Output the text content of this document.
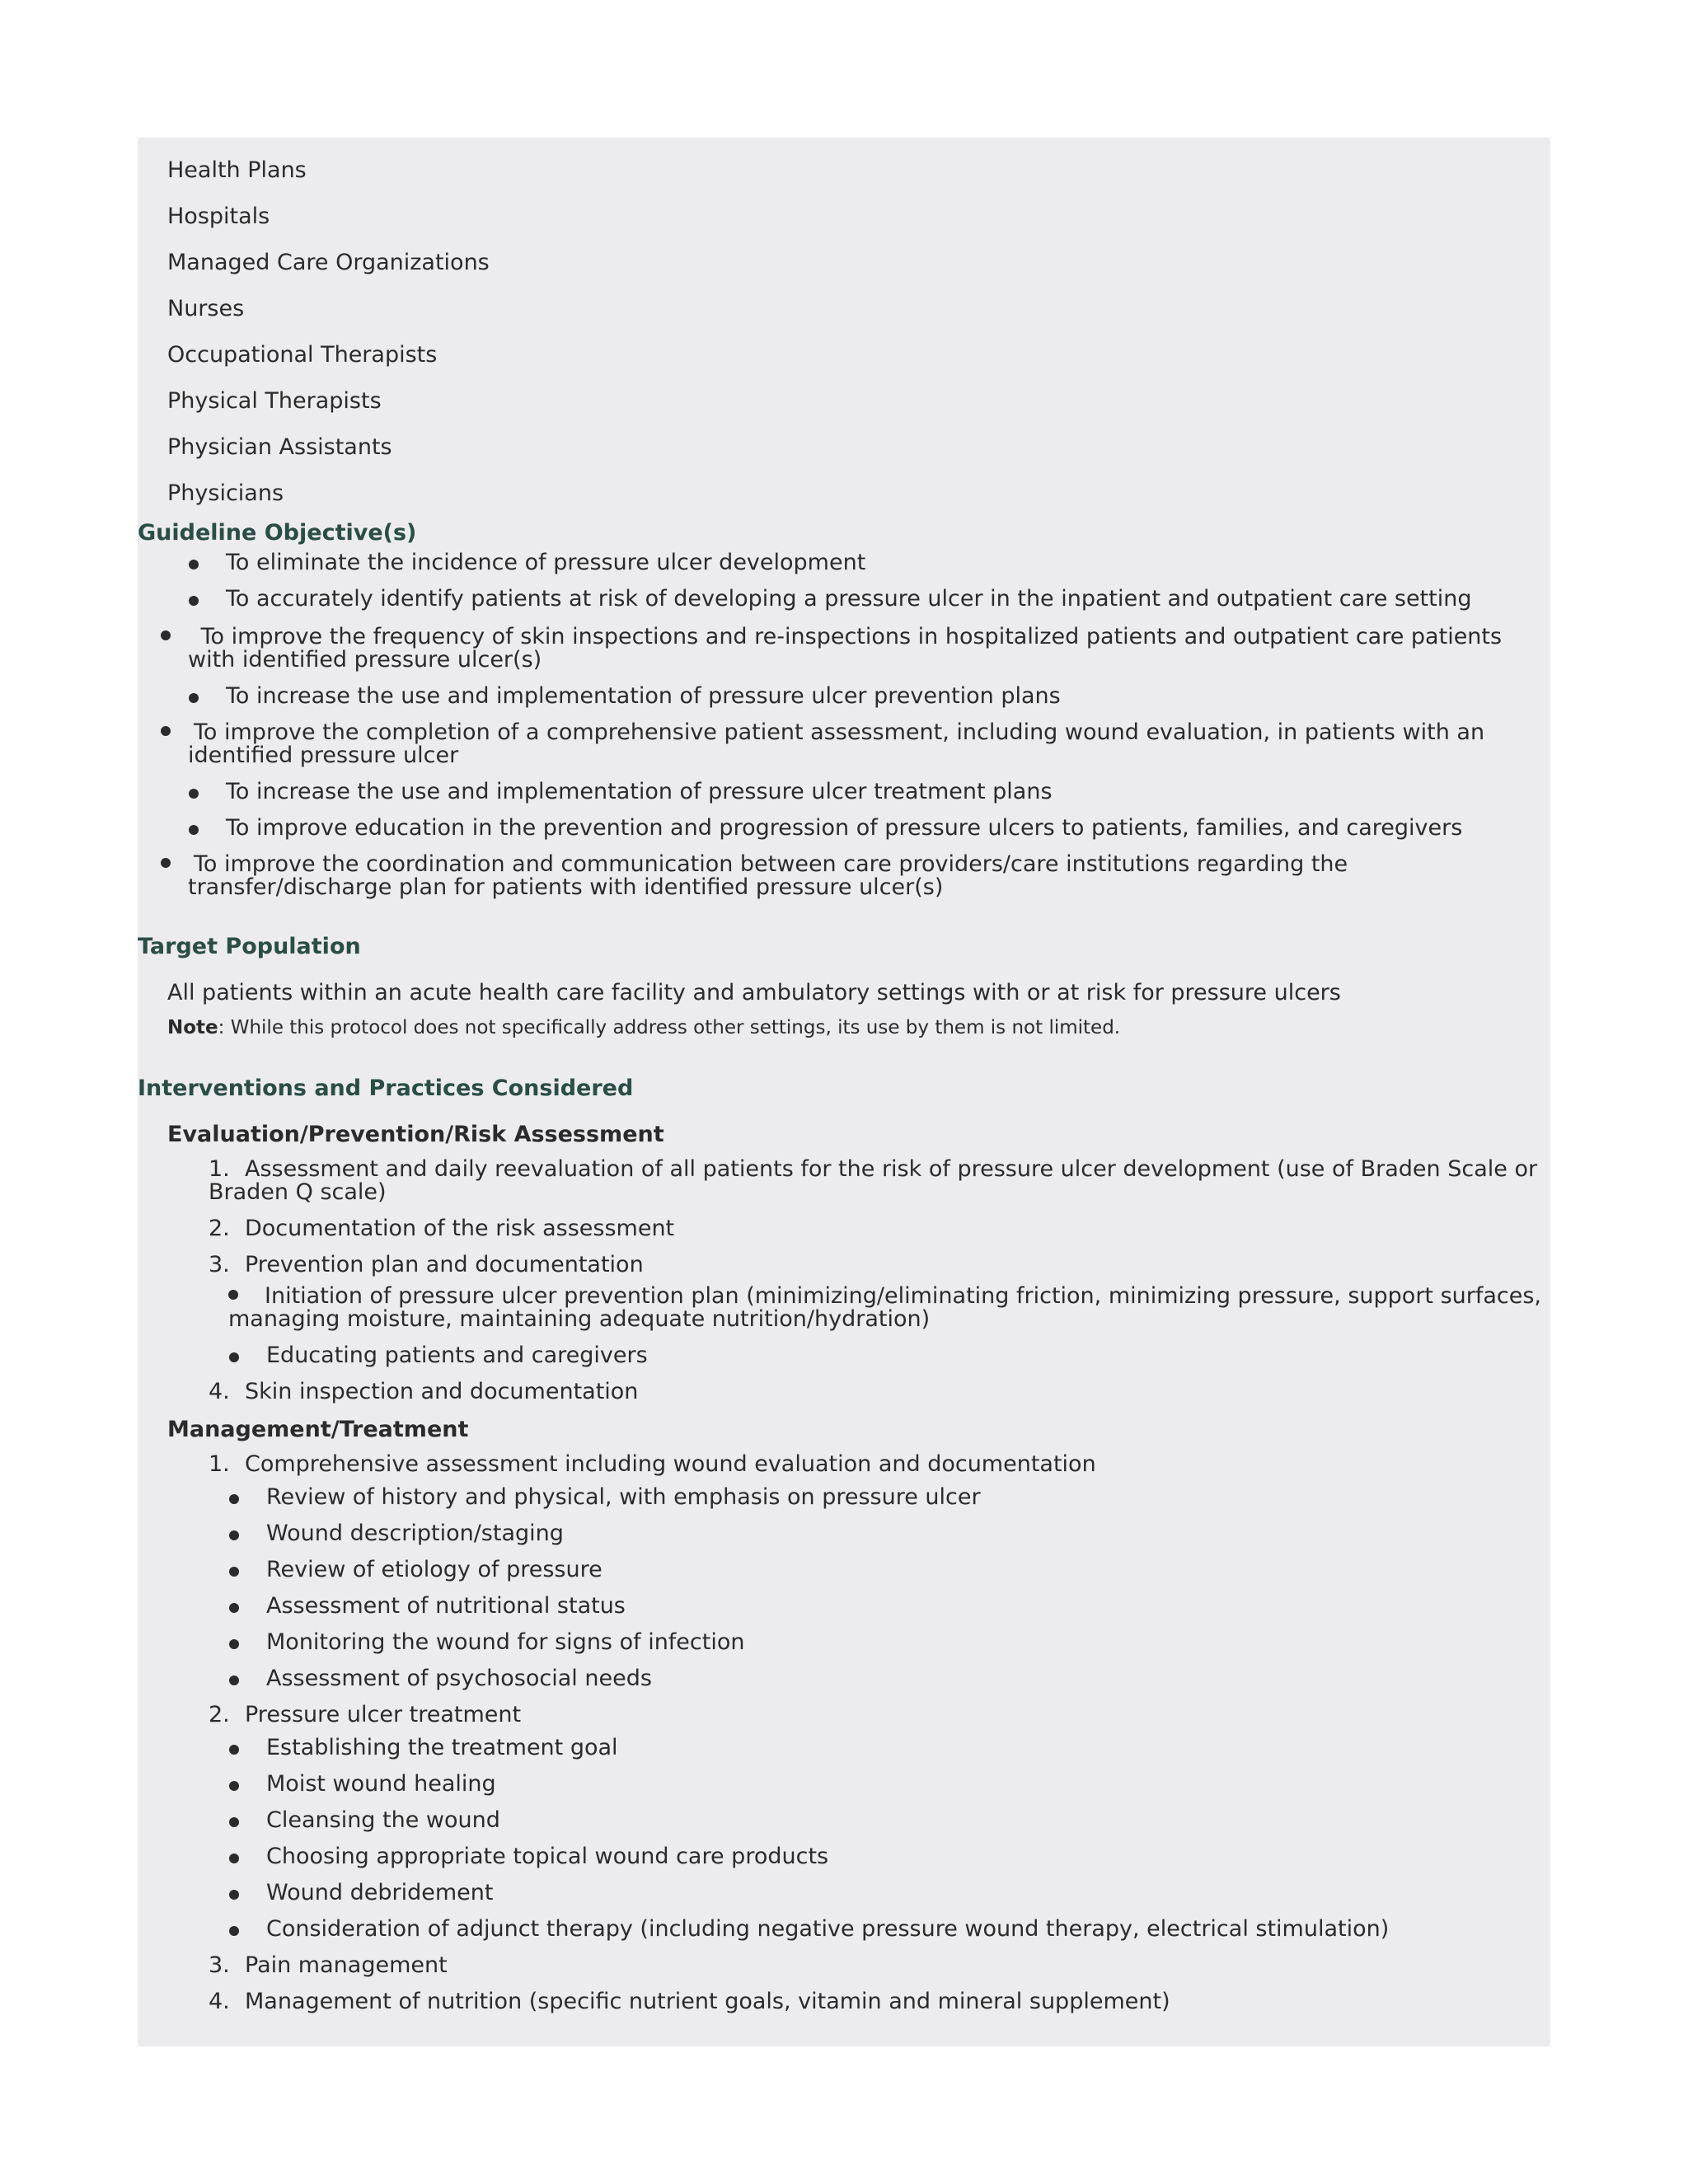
Health Plans
Hospitals
Managed Care Organizations
Nurses
Occupational Therapists
Physical Therapists
Physician Assistants
Physicians
Guideline Objective(s)
To eliminate the incidence of pressure ulcer development
To accurately identify patients at risk of developing a pressure ulcer in the inpatient and outpatient care setting
To improve the frequency of skin inspections and re-inspections in hospitalized patients and outpatient care patients with identified pressure ulcer(s)
To increase the use and implementation of pressure ulcer prevention plans
To improve the completion of a comprehensive patient assessment, including wound evaluation, in patients with an identified pressure ulcer
To increase the use and implementation of pressure ulcer treatment plans
To improve education in the prevention and progression of pressure ulcers to patients, families, and caregivers
To improve the coordination and communication between care providers/care institutions regarding the transfer/discharge plan for patients with identified pressure ulcer(s)
Target Population

All patients within an acute health care facility and ambulatory settings with or at risk for pressure ulcers

Note: While this protocol does not specifically address other settings, its use by them is not limited.

Interventions and Practices Considered
Evaluation/Prevention/Risk Assessment
1. Assessment and daily reevaluation of all patients for the risk of pressure ulcer development (use of Braden Scale or Braden Q scale)
2. Documentation of the risk assessment
3. Prevention plan and documentation
Initiation of pressure ulcer prevention plan (minimizing/eliminating friction, minimizing pressure, support surfaces, managing moisture, maintaining adequate nutrition/hydration)
Educating patients and caregivers
4. Skin inspection and documentation
Management/Treatment
1. Comprehensive assessment including wound evaluation and documentation
Review of history and physical, with emphasis on pressure ulcer
Wound description/staging
Review of etiology of pressure
Assessment of nutritional status
Monitoring the wound for signs of infection
Assessment of psychosocial needs
2. Pressure ulcer treatment
Establishing the treatment goal
Moist wound healing
Cleansing the wound
Choosing appropriate topical wound care products
Wound debridement
Consideration of adjunct therapy (including negative pressure wound therapy, electrical stimulation)
3. Pain management
4. Management of nutrition (specific nutrient goals, vitamin and mineral supplement)
